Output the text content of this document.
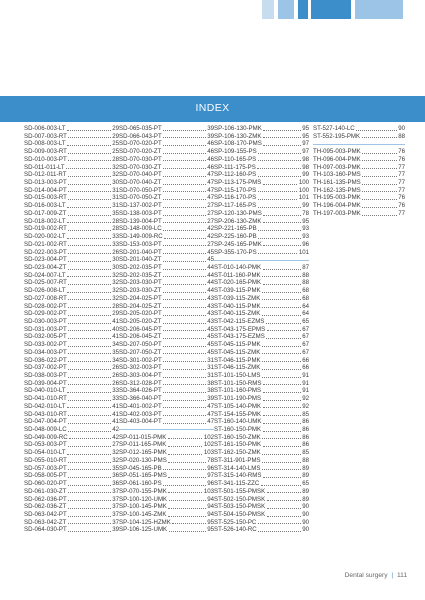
INDEX
SD-006-003-LT	29
SD-007-003-RT	29
SD-008-003-LT	25
SD-009-003-RT	25
SD-010-003-PT	28
SD-011-011-LT	32
SD-012-011-RT	32
SD-013-003-PT	30
SD-014-004-PT	31
SD-015-003-RT	31
SD-016-003-LT	31
SD-017-009-ZT	35
SD-018-002-LT	28
SD-019-002-RT	28
SD-020-002-LT	33
SD-021-002-RT	33
SD-022-003-PT	26
SD-023-004-PT	30
SD-023-004-ZT	30
SD-024-007-LT	32
SD-025-007-RT	32
SD-026-008-LT	32
SD-027-008-RT	32
SD-028-002-PT	28
SD-029-002-PT	29
SD-030-003-PT	41
SD-031-003-PT	40
SD-032-005-PT	41
SD-033-002-PT	34
SD-034-003-PT	35
SD-036-022-PT	34
SD-037-002-PT	26
SD-038-003-PT	26
SD-039-004-PT	26
SD-040-010-LT	33
SD-041-010-RT	33
SD-042-010-LT	41
SD-043-010-RT	41
SD-047-004-PT	41
SD-048-009-LC	42
SD-049-009-RC	42
SD-053-003-PT	27
SD-054-010-LT	32
SD-055-010-RT	32
SD-057-003-PT	35
SD-058-005-PT	36
SD-060-020-PT	36
SD-061-030-ZT	37
SD-062-036-PT	37
SD-062-036-ZT	37
SD-063-042-PT	37
SD-063-042-ZT	37
SD-064-030-PT	39
SD-065-035-PT	39
SD-066-043-PT	39
SD-070-020-PT	46
SD-070-020-ZT	46
SD-070-030-PT	46
SD-070-030-ZT	46
SD-070-040-PT	47
SD-070-040-ZT	47
SD-070-050-PT	47
SD-070-050-ZT	47
SD-137-002-PT	27
SD-138-003-PT	27
SD-139-004-PT	27
SD-148-009-LC	42
SD-149-009-RC	42
SD-153-003-PT	27
SD-201-040-PT	45
SD-201-040-ZT	45
SD-202-035-PT	44
SD-202-035-ZT	44
SD-203-030-PT	44
SD-203-030-ZT	44
SD-204-025-PT	43
SD-204-025-ZT	43
SD-205-020-PT	43
SD-205-020-ZT	43
SD-206-045-PT	45
SD-206-045-ZT	45
SD-207-050-PT	45
SD-207-050-ZT	45
SD-301-002-PT	31
SD-302-003-PT	31
SD-303-004-PT	31
SD-312-028-PT	38
SD-364-026-PT	38
SD-366-040-PT	39
SD-401-002-PT	47
SD-402-003-PT	47
SD-403-004-PT	47
SP-011-015-PMK	102
SP-011-165-PMK	102
SP-012-165-PMK	103
SP-020-130-PMS	78
SP-045-165-PB	96
SP-051-165-PMS	97
SP-061-160-PS	96
SP-070-155-PMK	103
SP-100-120-UMK	94
SP-100-145-PMK	94
SP-100-145-ZMK	94
SP-104-125-HZMK	95
SP-106-125-UMK	95
SP-106-130-PMK	95
SP-106-130-ZMK	95
SP-108-170-PMS	97
SP-109-155-PS	97
SP-110-165-PS	98
SP-111-175-PS	98
SP-112-160-PS	99
SP-113-175-PMS	100
SP-115-170-PS	100
SP-116-170-PS	101
SP-117-165-PS	99
SP-120-130-PMS	78
SP-206-130-ZMK	95
SP-221-165-PB	93
SP-225-160-PB	93
SP-245-165-PMK	96
SP-355-170-PS	101
ST-010-140-PMK	87
ST-011-160-PMK	88
ST-020-165-PMK	88
ST-039-115-PMK	68
ST-039-115-ZMK	68
ST-040-115-PMK	64
ST-040-115-ZMK	64
ST-042-115-EZMS	65
ST-043-175-EPMS	67
ST-043-175-EZMS	67
ST-045-115-PMK	67
ST-045-115-ZMK	67
ST-046-115-PMK	66
ST-046-115-ZMK	66
ST-101-150-LMS	91
ST-101-150-RMS	91
ST-101-160-PMS	91
ST-101-190-PMS	92
ST-105-140-PMK	92
ST-154-155-PMK	85
ST-160-140-UMK	86
ST-160-150-PMK	86
ST-160-150-ZMK	86
ST-161-150-PMK	86
ST-162-150-ZMK	85
ST-311-901-PMS	88
ST-314-140-LMS	89
ST-315-140-RMS	89
ST-341-115-ZZC	65
ST-501-155-PMSK	89
ST-502-150-PMSK	89
ST-503-150-PMSK	90
ST-504-150-PMSK	90
ST-525-150-PC	90
ST-526-140-RC	90
ST-527-140-LC	90
ST-552-195-PMK	88
TH-095-003-PMK	76
TH-096-004-PMK	76
TH-097-003-PMK	77
TH-103-160-PMS	77
TH-161-135-PMS	77
TH-162-135-PMS	77
TH-195-003-PMK	76
TH-196-004-PMK	76
TH-197-003-PMK	77
Dental surgery | 111
